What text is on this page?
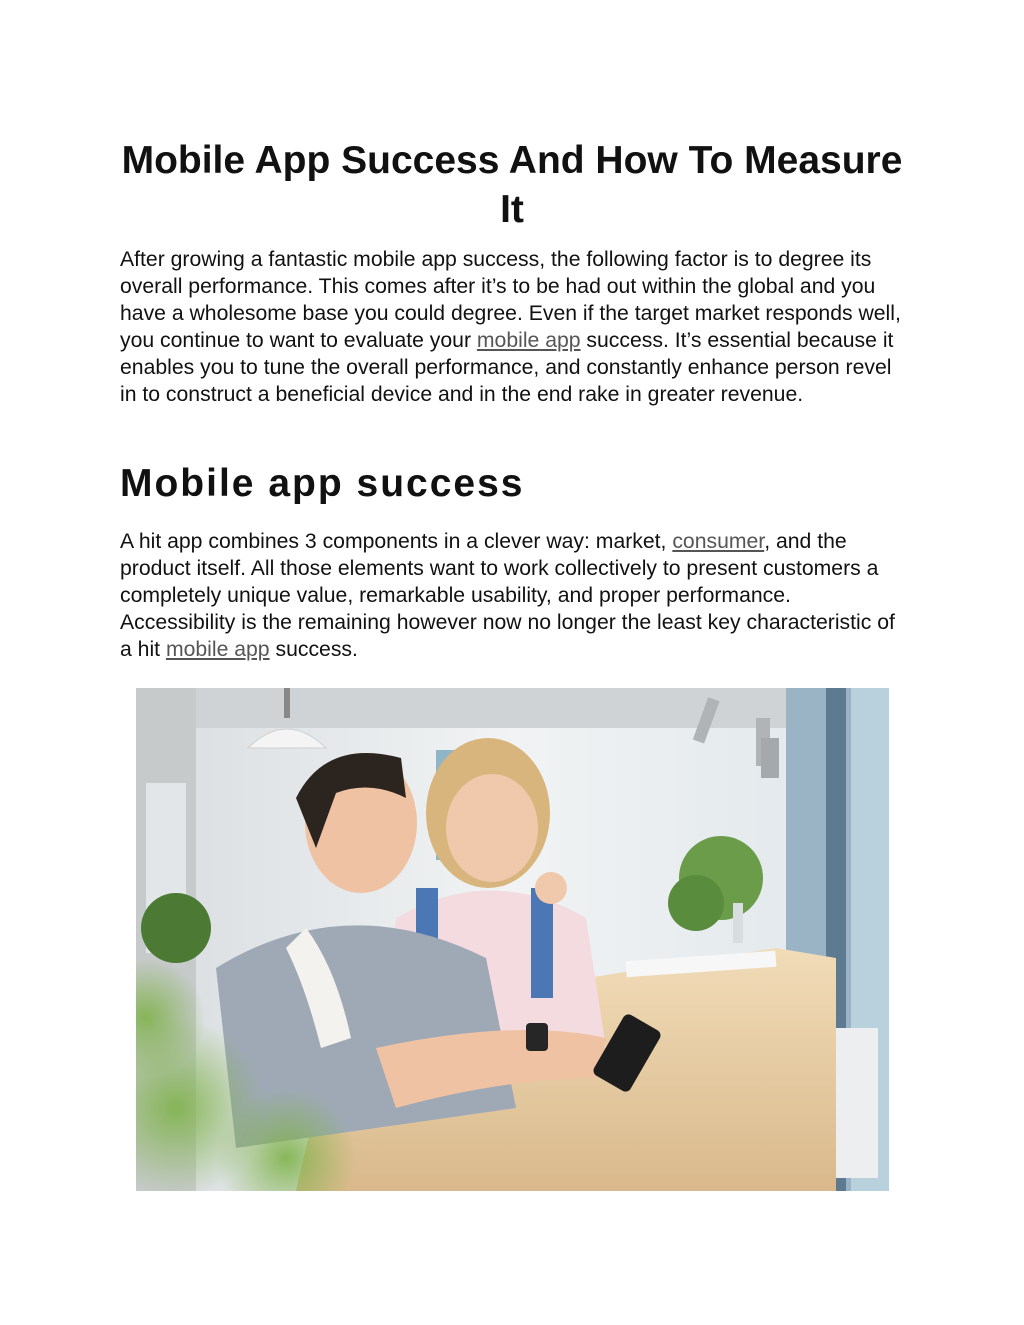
Mobile App Success And How To Measure It

After growing a fantastic mobile app success, the following factor is to degree its overall performance. This comes after it’s to be had out within the global and you have a wholesome base you could degree. Even if the target market responds well, you continue to want to evaluate your mobile app success. It’s essential because it enables you to tune the overall performance, and constantly enhance person revel in to construct a beneficial device and in the end rake in greater revenue.

Mobile app success

A hit app combines 3 components in a clever way: market, consumer, and the product itself. All those elements want to work collectively to present customers a completely unique value, remarkable usability, and proper performance. Accessibility is the remaining however now no longer the least key characteristic of a hit mobile app success.
